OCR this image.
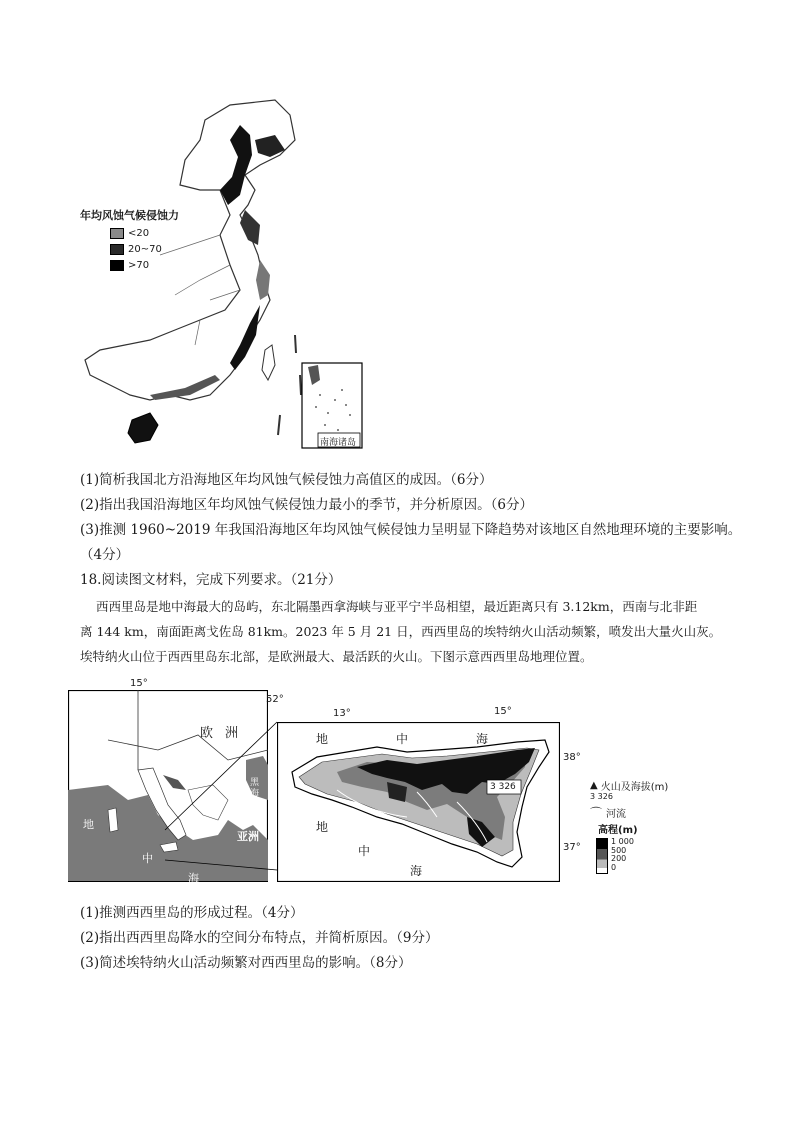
南海诸岛
年均风蚀气候侵蚀力
<20
20~70
>70
(1)简析我国北方沿海地区年均风蚀气候侵蚀力高值区的成因。（6分）
(2)指出我国沿海地区年均风蚀气候侵蚀力最小的季节，并分析原因。（6分）
(3)推测 1960~2019 年我国沿海地区年均风蚀气候侵蚀力呈明显下降趋势对该地区自然地理环境的主要影响。
（4分）
18.阅读图文材料，完成下列要求。（21分）
西西里岛是地中海最大的岛屿，东北隔墨西拿海峡与亚平宁半岛相望，最近距离只有 3.12km，西南与北非距
离 144 km，南面距离戈佐岛 81km。2023 年 5 月 21 日，西西里岛的埃特纳火山活动频繁，喷发出大量火山灰。
埃特纳火山位于西西里岛东北部，是欧洲最大、最活跃的火山。下图示意西西里岛地理位置。
15°
52°
欧洲
亚洲
黑海
地
中
海
13°	15°
38°
37°
地	中	海
地
中
海
3 326	▲ 火山及海拔(m)
3 326
⌒ 河流
高程(m)
1 000
500
200
0
(1)推测西西里岛的形成过程。（4分）
(2)指出西西里岛降水的空间分布特点，并简析原因。（9分）
(3)简述埃特纳火山活动频繁对西西里岛的影响。（8分）
